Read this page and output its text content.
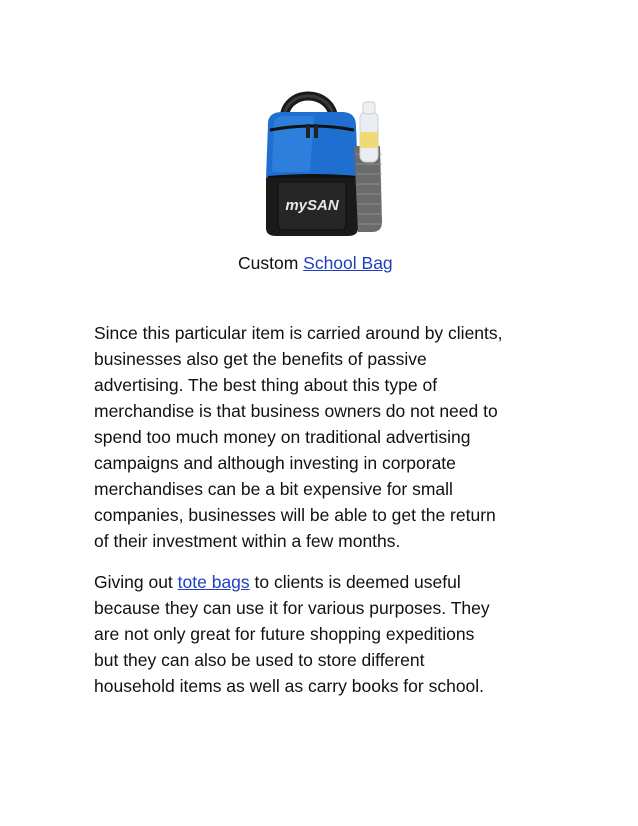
mySAN
Custom School Bag

Since this particular item is carried around by clients,
businesses also get the benefits of passive
advertising. The best thing about this type of
merchandise is that business owners do not need to
spend too much money on traditional advertising
campaigns and although investing in corporate
merchandises can be a bit expensive for small
companies, businesses will be able to get the return
of their investment within a few months.

Giving out tote bags to clients is deemed useful
because they can use it for various purposes. They
are not only great for future shopping expeditions
but they can also be used to store different
household items as well as carry books for school.
